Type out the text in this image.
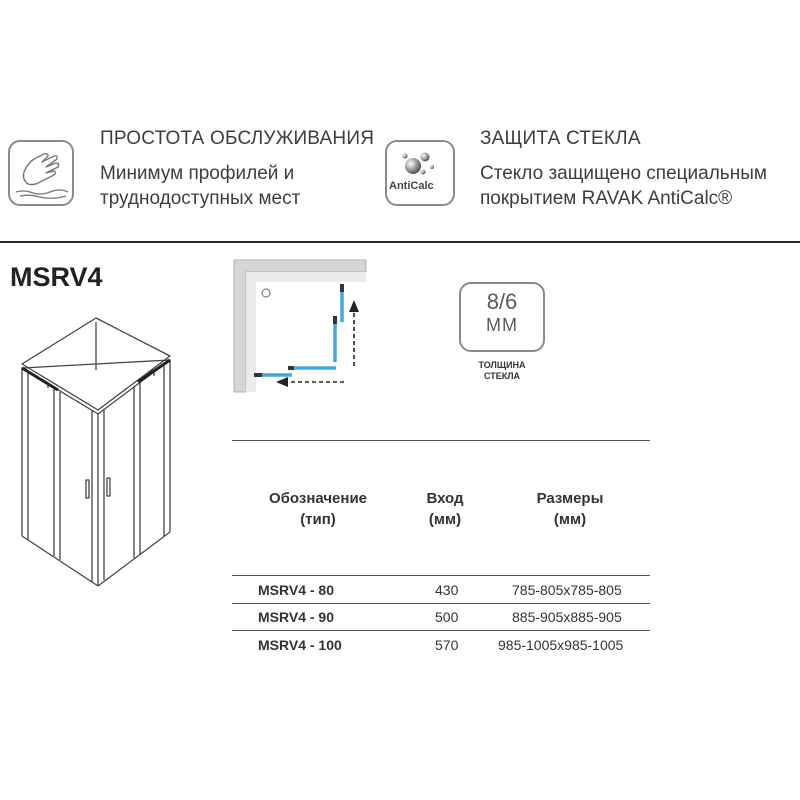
ПРОСТОТА ОБСЛУЖИВАНИЯ
Минимум профилей и
труднодоступных мест
AntiCalc
ЗАЩИТА СТЕКЛА
Стекло защищено специальным
покрытием RAVAK AntiCalc®
MSRV4
8/6
MM
ТОЛЩИНА
СТЕКЛА
Обозначение
(тип)
Вход
(мм)
Размеры
(мм)
MSRV4 - 80	430	785-805x785-805
MSRV4 - 90	500	885-905x885-905
MSRV4 - 100	570	985-1005x985-1005
